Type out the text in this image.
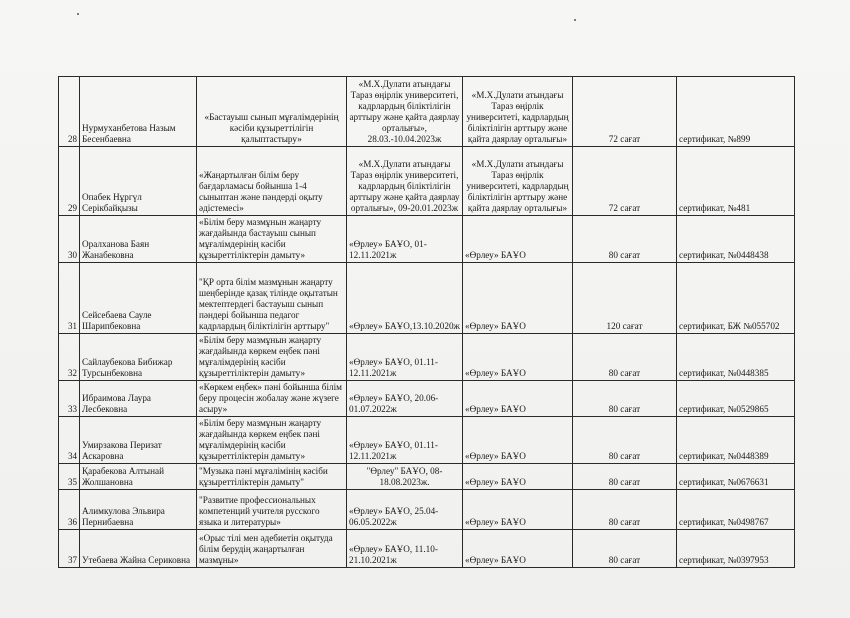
28	Нурмуханбетова Назым Бесенбаевна	«Бастауыш сынып мұғалімдерінің кәсіби құзыреттілігін қалыптастыру»	«М.Х.Дулати атындағы Тараз өңірлік университеті, кадрлардың біліктілігін арттыру және қайта даярлау орталығы», 28.03.-10.04.2023ж	«М.Х.Дулати атындағы Тараз өңірлік университеті, кадрлардың біліктілігін арттыру және қайта даярлау орталығы»	72 сағат	сертификат, №899
29	Опабек Нұргүл Серікбайқызы	«Жаңартылған білім беру бағдарламасы бойынша 1-4 сыныптан және пәндерді оқыту әдістемесі»	«М.Х.Дулати атындағы Тараз өңірлік университеті, кадрлардың біліктілігін арттыру және қайта даярлау орталығы», 09-20.01.2023ж	«М.Х.Дулати атындағы Тараз өңірлік университеті, кадрлардың біліктілігін арттыру және қайта даярлау орталығы»	72 сағат	сертификат, №481
30	Оралханова Баян Жанабековна	«Білім беру мазмұнын жаңарту жағдайында бастауыш сынып мұғалімдерінің кәсіби құзыреттіліктерін дамыту»	«Өрлеу» БАҰО, 01-12.11.2021ж	«Өрлеу» БАҰО	80 сағат	сертификат, №0448438
31	Сейсебаева Сауле Шарипбековна	"ҚР орта білім мазмұнын жаңарту шеңберінде қазақ тілінде оқытатын мектептердегі бастауыш сынып пәндері бойынша педагог кадрлардың біліктілігін арттыру"	«Өрлеу» БАҰО,13.10.2020ж	«Өрлеу» БАҰО	120 сағат	сертификат, БЖ №055702
32	Сайлаубекова Бибижар Турсынбековна	«Білім беру мазмұнын жаңарту жағдайында көркем еңбек пәні мұғалімдерінің кәсіби құзыреттіліктерін дамыту»	«Өрлеу» БАҰО, 01.11-12.11.2021ж	«Өрлеу» БАҰО	80 сағат	сертификат, №0448385
33	Ибраимова Лаура Лесбековна	«Көркем еңбек» пәні бойынша білім беру процесін жобалау және жүзеге асыру»	«Өрлеу» БАҰО, 20.06-01.07.2022ж	«Өрлеу» БАҰО	80 сағат	сертификат, №0529865
34	Умирзакова Перизат Аскаровна	«Білім беру мазмұнын жаңарту жағдайында көркем еңбек пәні мұғалімдерінің кәсіби құзыреттіліктерін дамыту»	«Өрлеу» БАҰО, 01.11-12.11.2021ж	«Өрлеу» БАҰО	80 сағат	сертификат, №0448389
35	Қарабекова Алтынай Жолшановна	"Музыка пәні мұғалімінің кәсіби құзыреттіліктерін дамыту"	"Өрлеу" БАҰО, 08-18.08.2023ж.	«Өрлеу» БАҰО	80 сағат	сертификат, №0676631
36	Алимкулова Эльвира Пернибаевна	"Развитие профессиональных компетенций учителя русского языка и литературы»	«Өрлеу» БАҰО, 25.04-06.05.2022ж	«Өрлеу» БАҰО	80 сағат	сертификат, №0498767
37	Утебаева Жайна Сериковна	«Орыс тілі мен әдебиетін оқытуда білім берудің жаңартылған мазмұны»	«Өрлеу» БАҰО, 11.10-21.10.2021ж	«Өрлеу» БАҰО	80 сағат	сертификат, №0397953
